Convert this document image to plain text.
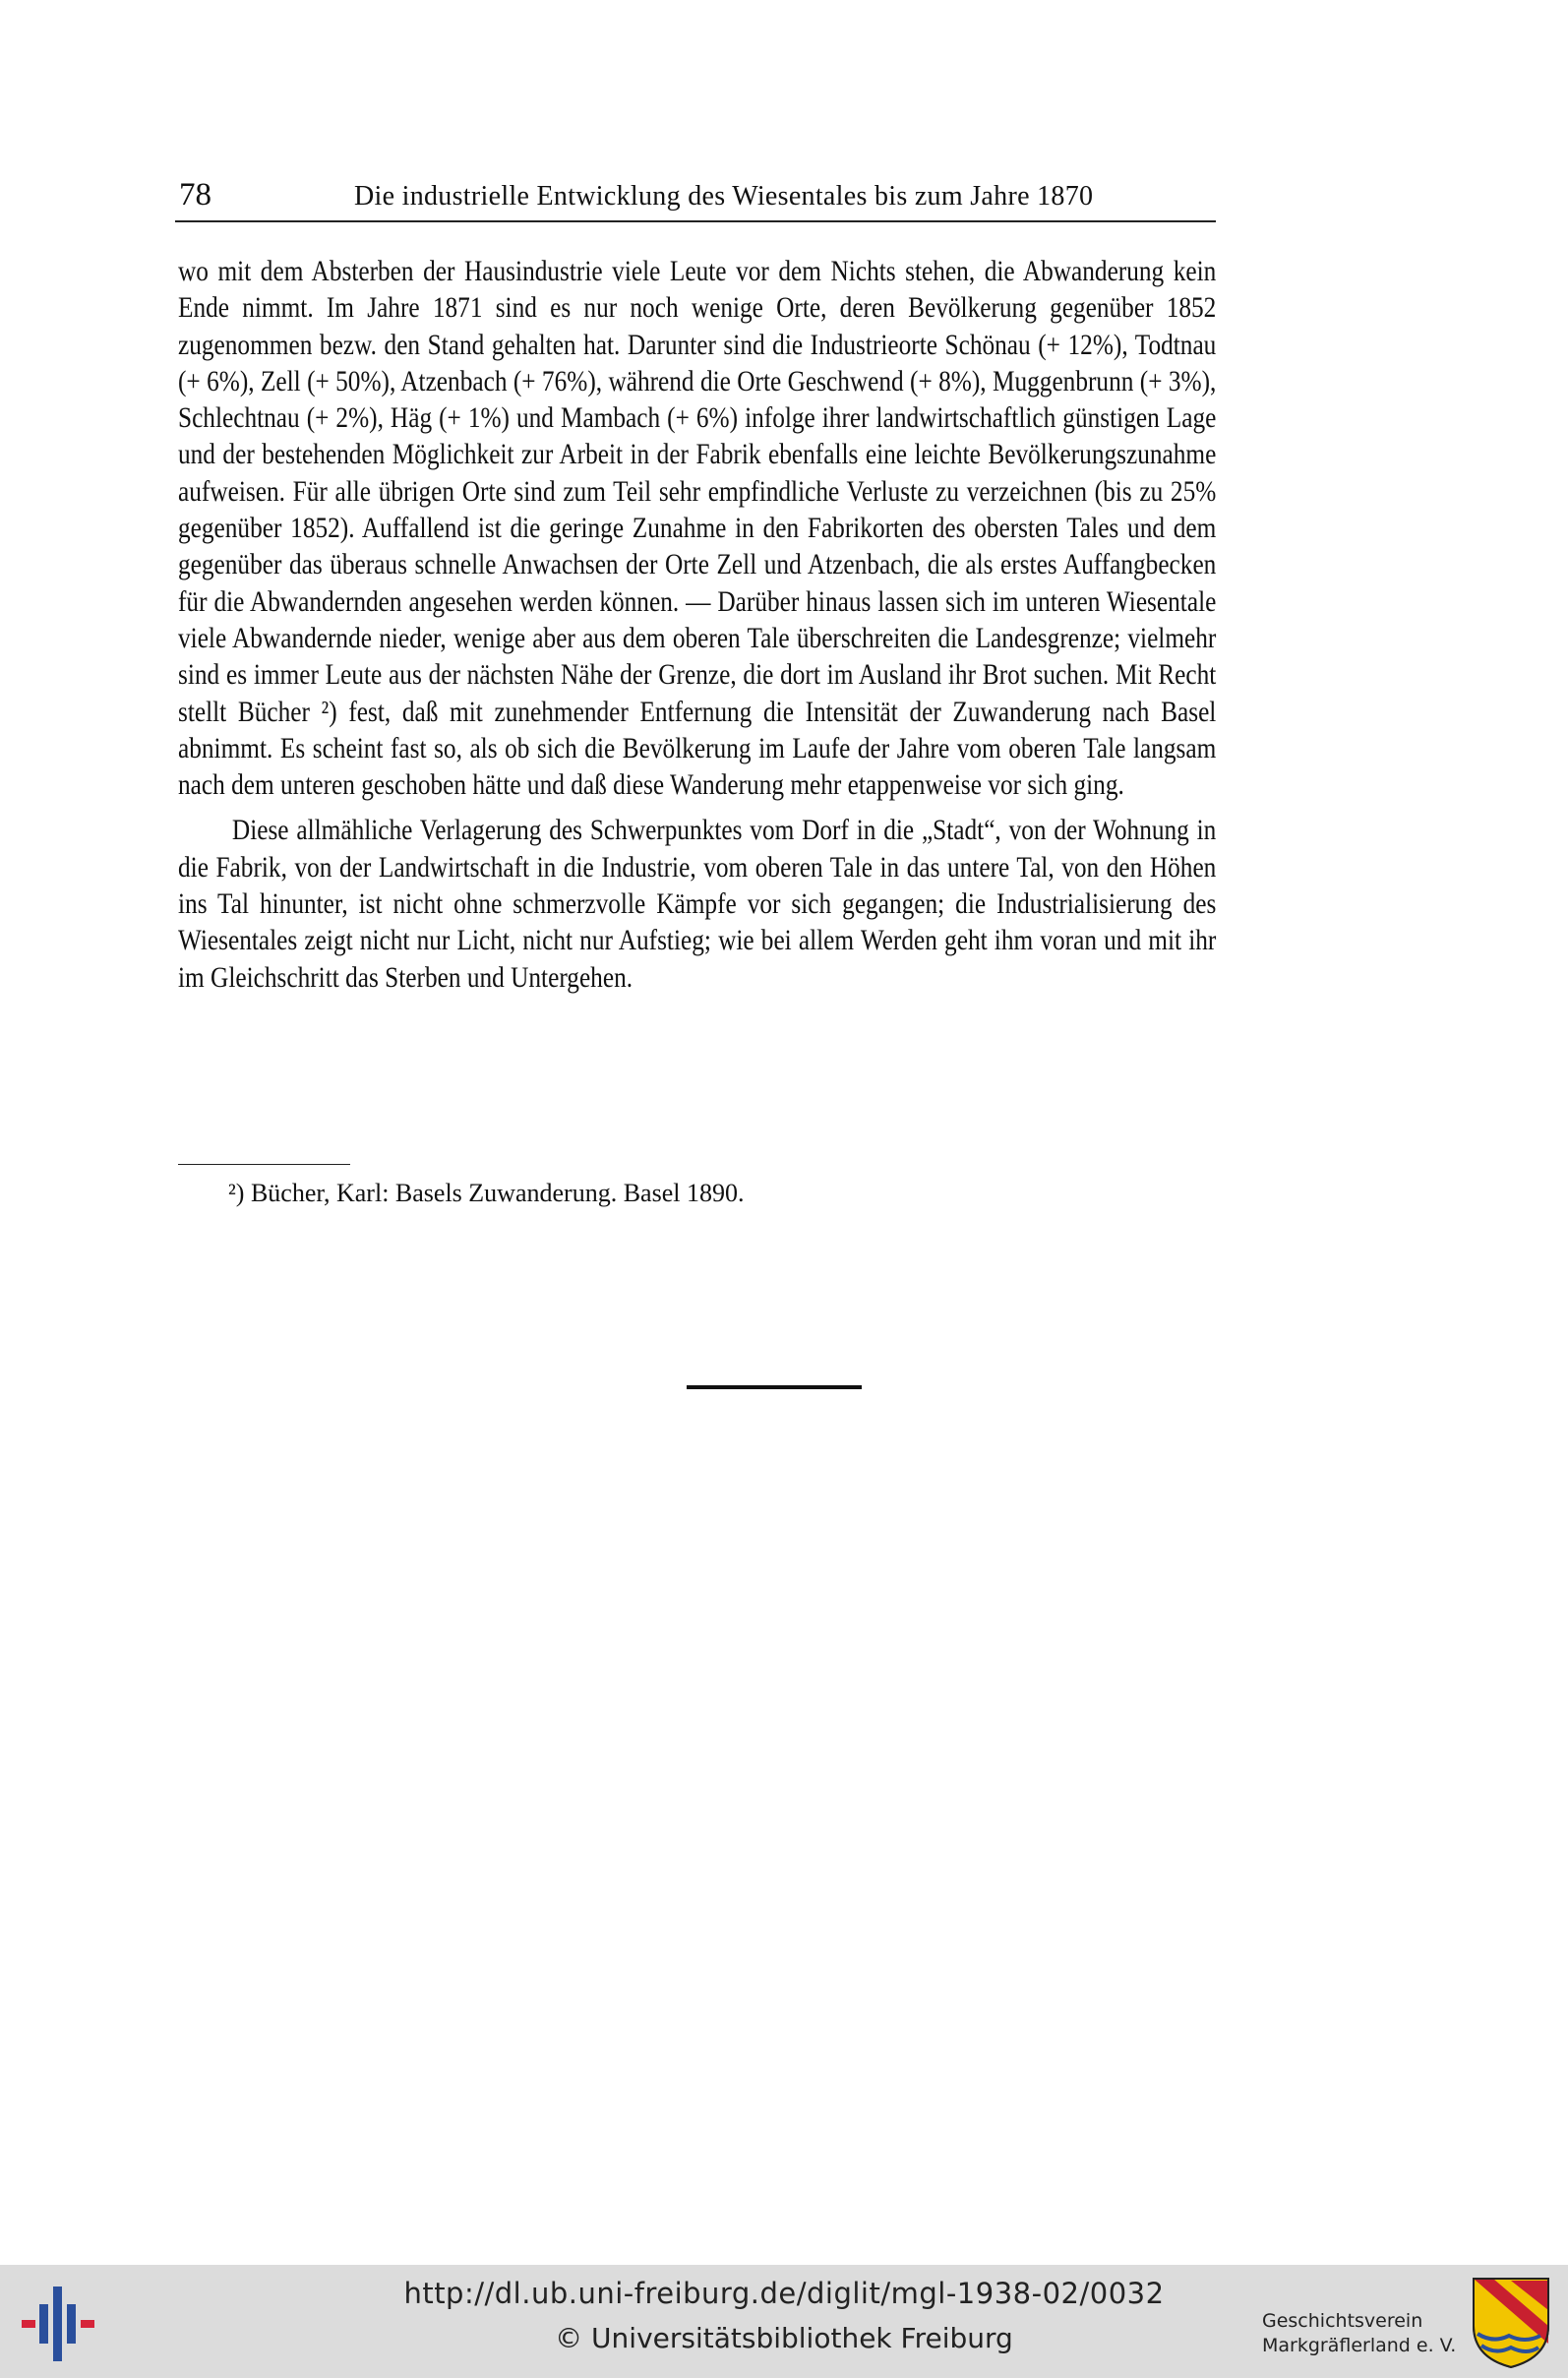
78	Die industrielle Entwicklung des Wiesentales bis zum Jahre 1870

wo mit dem Absterben der Hausindustrie viele Leute vor dem Nichts stehen, die Abwanderung kein Ende nimmt. Im Jahre 1871 sind es nur noch wenige Orte, deren Bevölkerung gegenüber 1852 zugenommen bezw. den Stand gehalten hat. Darunter sind die Industrieorte Schönau (+ 12%), Todtnau (+ 6%), Zell (+ 50%), Atzenbach (+ 76%), während die Orte Geschwend (+ 8%), Muggenbrunn (+ 3%), Schlechtnau (+ 2%), Häg (+ 1%) und Mambach (+ 6%) infolge ihrer landwirtschaftlich günstigen Lage und der bestehenden Möglichkeit zur Arbeit in der Fabrik ebenfalls eine leichte Bevölkerungszunahme aufweisen. Für alle übrigen Orte sind zum Teil sehr empfindliche Verluste zu verzeichnen (bis zu 25% gegenüber 1852). Auffallend ist die geringe Zunahme in den Fabrikorten des obersten Tales und dem gegenüber das überaus schnelle Anwachsen der Orte Zell und Atzenbach, die als erstes Auffangbecken für die Abwandernden angesehen werden können. — Darüber hinaus lassen sich im unteren Wiesentale viele Abwandernde nieder, wenige aber aus dem oberen Tale überschreiten die Landesgrenze; vielmehr sind es immer Leute aus der nächsten Nähe der Grenze, die dort im Ausland ihr Brot suchen. Mit Recht stellt Bücher ²) fest, daß mit zunehmender Entfernung die Intensität der Zuwanderung nach Basel abnimmt. Es scheint fast so, als ob sich die Bevölkerung im Laufe der Jahre vom oberen Tale langsam nach dem unteren geschoben hätte und daß diese Wanderung mehr etappenweise vor sich ging.

Diese allmähliche Verlagerung des Schwerpunktes vom Dorf in die „Stadt“, von der Wohnung in die Fabrik, von der Landwirtschaft in die Industrie, vom oberen Tale in das untere Tal, von den Höhen ins Tal hinunter, ist nicht ohne schmerzvolle Kämpfe vor sich gegangen; die Industrialisierung des Wiesentales zeigt nicht nur Licht, nicht nur Aufstieg; wie bei allem Werden geht ihm voran und mit ihr im Gleichschritt das Sterben und Untergehen.

²) Bücher, Karl: Basels Zuwanderung. Basel 1890.
http://dl.ub.uni-freiburg.de/diglit/mgl-1938-02/0032
© Universitätsbibliothek Freiburg
Geschichtsverein
Markgräflerland e. V.
